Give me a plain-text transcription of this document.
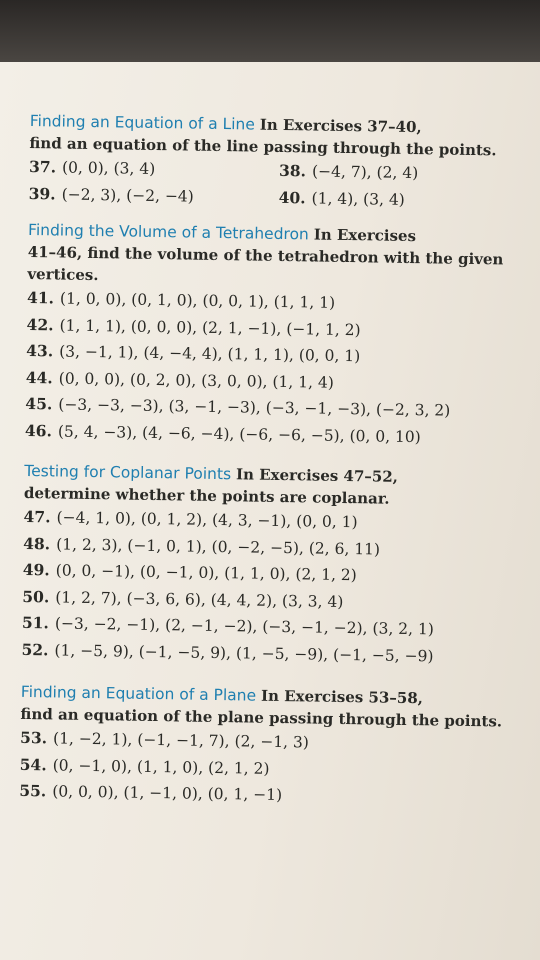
Finding an Equation of a Line In Exercises 37–40,
find an equation of the line passing through the points.
37. (0, 0), (3, 4)	38. (−4, 7), (2, 4)
39. (−2, 3), (−2, −4)	40. (1, 4), (3, 4)
Finding the Volume of a Tetrahedron In Exercises
41–46, find the volume of the tetrahedron with the given vertices.
41. (1, 0, 0), (0, 1, 0), (0, 0, 1), (1, 1, 1)
42. (1, 1, 1), (0, 0, 0), (2, 1, −1), (−1, 1, 2)
43. (3, −1, 1), (4, −4, 4), (1, 1, 1), (0, 0, 1)
44. (0, 0, 0), (0, 2, 0), (3, 0, 0), (1, 1, 4)
45. (−3, −3, −3), (3, −1, −3), (−3, −1, −3), (−2, 3, 2)
46. (5, 4, −3), (4, −6, −4), (−6, −6, −5), (0, 0, 10)
Testing for Coplanar Points In Exercises 47–52,
determine whether the points are coplanar.
47. (−4, 1, 0), (0, 1, 2), (4, 3, −1), (0, 0, 1)
48. (1, 2, 3), (−1, 0, 1), (0, −2, −5), (2, 6, 11)
49. (0, 0, −1), (0, −1, 0), (1, 1, 0), (2, 1, 2)
50. (1, 2, 7), (−3, 6, 6), (4, 4, 2), (3, 3, 4)
51. (−3, −2, −1), (2, −1, −2), (−3, −1, −2), (3, 2, 1)
52. (1, −5, 9), (−1, −5, 9), (1, −5, −9), (−1, −5, −9)
Finding an Equation of a Plane In Exercises 53–58,
find an equation of the plane passing through the points.
53. (1, −2, 1), (−1, −1, 7), (2, −1, 3)
54. (0, −1, 0), (1, 1, 0), (2, 1, 2)
55. (0, 0, 0), (1, −1, 0), (0, 1, −1)
